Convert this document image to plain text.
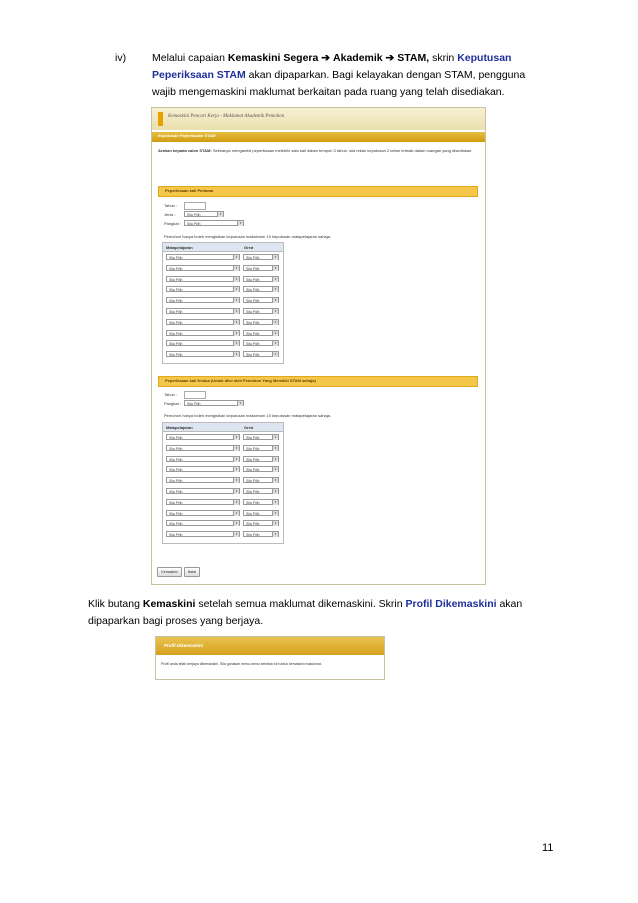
iv) Melalui capaian Kemaskini Segera ➔ Akademik ➔ STAM, skrin Keputusan
Peperiksaan STAM akan dipaparkan. Bagi kelayakan dengan STAM, pengguna
wajib mengemaskini maklumat berkaitan pada ruang yang telah disediakan.
Kemaskini Pencari Kerja - Maklumat Akademik Pemohon
Keputusan Peperiksaan STAM
Arahan kepada calon STAM: Sekiranya mengambil peperiksaan melebihi satu kali dalam tempoh 3 tahun, sila rekan keputusan 2 tahun terbaik dalam ruangan yang disediakan.
Peperiksaan kali Pertama
Tahun :
Jenis :	Sila Pilih	▾
Pangkat :	Sila Pilih	▾
Pemohon hanya boleh mengisikan keputusan maksimum 10 keputusan matapelajaran sahaja.
Matapelajaran	Gred
Sila Pilih	▾	Sila Pilih	▾
Sila Pilih	▾	Sila Pilih	▾
Sila Pilih	▾	Sila Pilih	▾
Sila Pilih	▾	Sila Pilih	▾
Sila Pilih	▾	Sila Pilih	▾
Sila Pilih	▾	Sila Pilih	▾
Sila Pilih	▾	Sila Pilih	▾
Sila Pilih	▾	Sila Pilih	▾
Sila Pilih	▾	Sila Pilih	▾
Sila Pilih	▾	Sila Pilih	▾
Peperiksaan kali Kedua (Untuk diisi oleh Pemohon Yang Memiliki STAM sahaja)
Tahun :
Pangkat :	Sila Pilih	▾
Pemohon hanya boleh mengisikan keputusan maksimum 10 keputusan matapelajaran sahaja.
Matapelajaran	Gred
Sila Pilih	▾	Sila Pilih	▾
Sila Pilih	▾	Sila Pilih	▾
Sila Pilih	▾	Sila Pilih	▾
Sila Pilih	▾	Sila Pilih	▾
Sila Pilih	▾	Sila Pilih	▾
Sila Pilih	▾	Sila Pilih	▾
Sila Pilih	▾	Sila Pilih	▾
Sila Pilih	▾	Sila Pilih	▾
Sila Pilih	▾	Sila Pilih	▾
Sila Pilih	▾	Sila Pilih	▾
Kemaskini	Batal
Klik butang Kemaskini setelah semua maklumat dikemaskini. Skrin Profil Dikemaskini akan
dipaparkan bagi proses yang berjaya.
Profil Dikemaskini
Profil anda telah berjaya dikemaskini. Sila gunakan menu-menu sebelah kiri untuk kemaskini maklumat.
11
